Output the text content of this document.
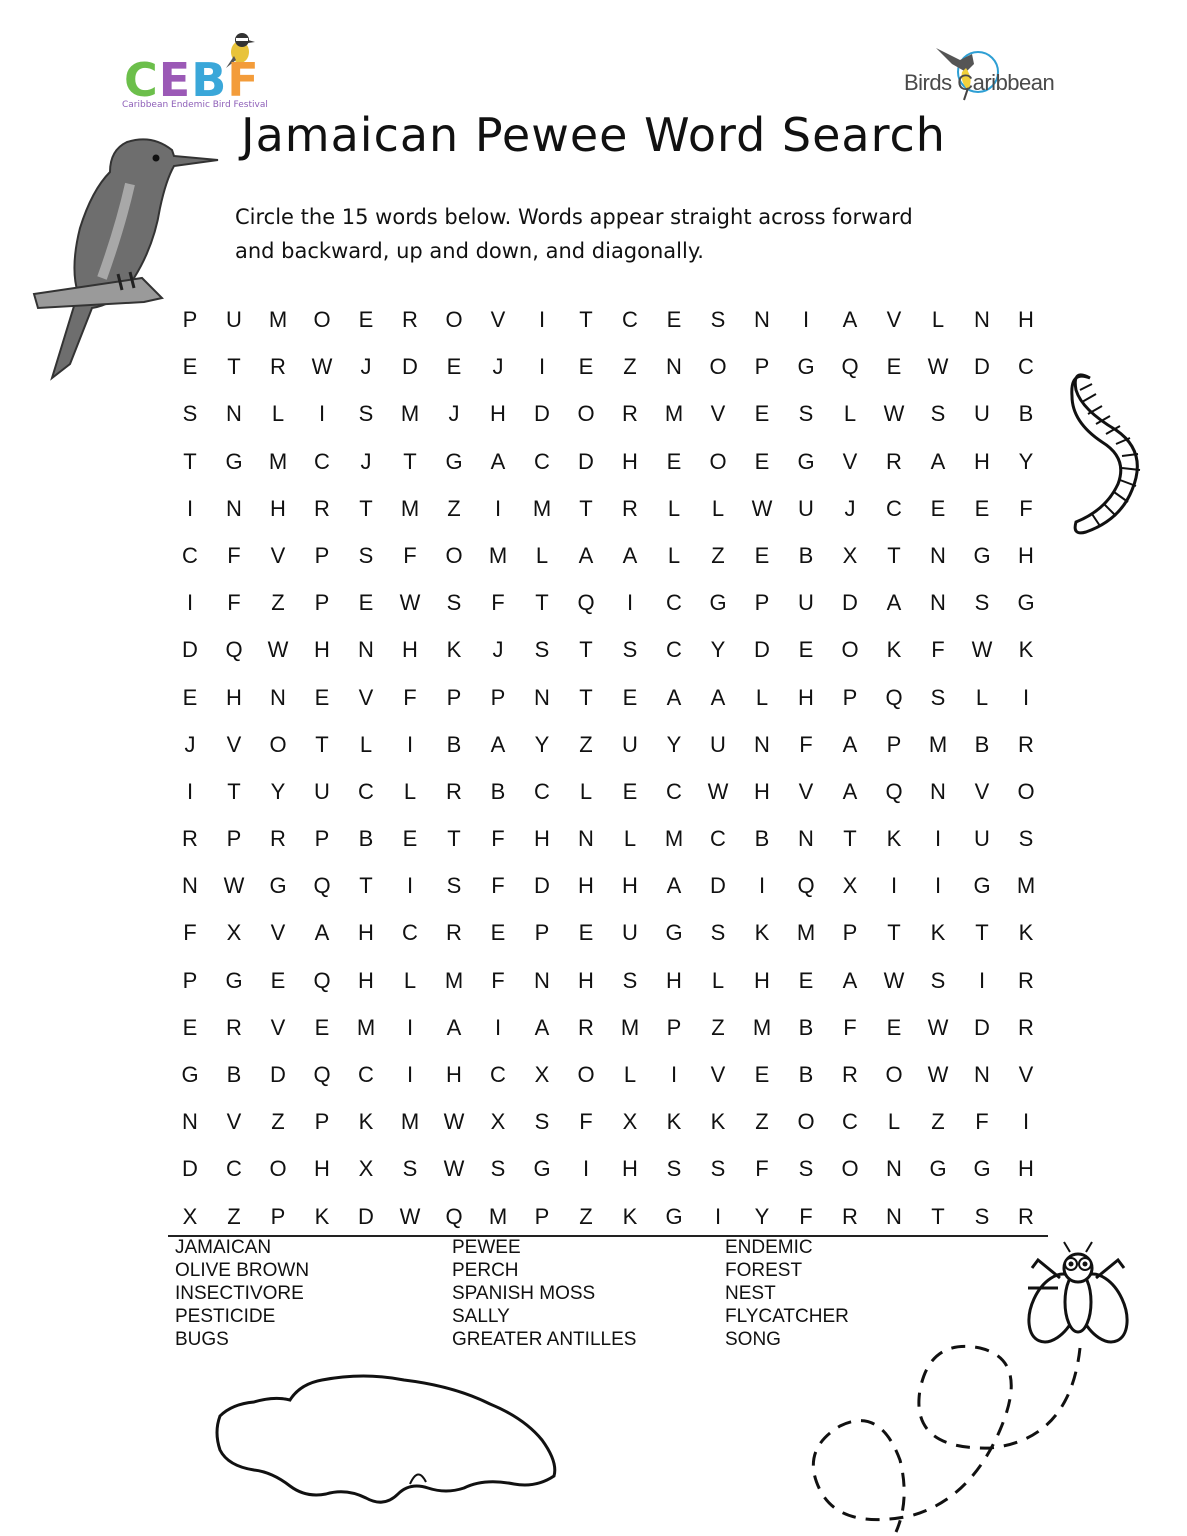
CEBF
Caribbean Endemic Bird Festival
Birds Caribbean
Jamaican Pewee Word Search
Circle the 15 words below. Words appear straight across forward
and backward, up and down, and diagonally.
P	U	M	O	E	R	O	V	I	T	C	E	S	N	I	A	V	L	N	H
E	T	R	W	J	D	E	J	I	E	Z	N	O	P	G	Q	E	W	D	C
S	N	L	I	S	M	J	H	D	O	R	M	V	E	S	L	W	S	U	B
T	G	M	C	J	T	G	A	C	D	H	E	O	E	G	V	R	A	H	Y
I	N	H	R	T	M	Z	I	M	T	R	L	L	W	U	J	C	E	E	F
C	F	V	P	S	F	O	M	L	A	A	L	Z	E	B	X	T	N	G	H
I	F	Z	P	E	W	S	F	T	Q	I	C	G	P	U	D	A	N	S	G
D	Q	W	H	N	H	K	J	S	T	S	C	Y	D	E	O	K	F	W	K
E	H	N	E	V	F	P	P	N	T	E	A	A	L	H	P	Q	S	L	I
J	V	O	T	L	I	B	A	Y	Z	U	Y	U	N	F	A	P	M	B	R
I	T	Y	U	C	L	R	B	C	L	E	C	W	H	V	A	Q	N	V	O
R	P	R	P	B	E	T	F	H	N	L	M	C	B	N	T	K	I	U	S
N	W	G	Q	T	I	S	F	D	H	H	A	D	I	Q	X	I	I	G	M
F	X	V	A	H	C	R	E	P	E	U	G	S	K	M	P	T	K	T	K
P	G	E	Q	H	L	M	F	N	H	S	H	L	H	E	A	W	S	I	R
E	R	V	E	M	I	A	I	A	R	M	P	Z	M	B	F	E	W	D	R
G	B	D	Q	C	I	H	C	X	O	L	I	V	E	B	R	O	W	N	V
N	V	Z	P	K	M	W	X	S	F	X	K	K	Z	O	C	L	Z	F	I
D	C	O	H	X	S	W	S	G	I	H	S	S	F	S	O	N	G	G	H
X	Z	P	K	D	W	Q	M	P	Z	K	G	I	Y	F	R	N	T	S	R
JAMAICAN
OLIVE BROWN
INSECTIVORE
PESTICIDE
BUGS
PEWEE
PERCH
SPANISH MOSS
SALLY
GREATER ANTILLES
ENDEMIC
FOREST
NEST
FLYCATCHER
SONG
